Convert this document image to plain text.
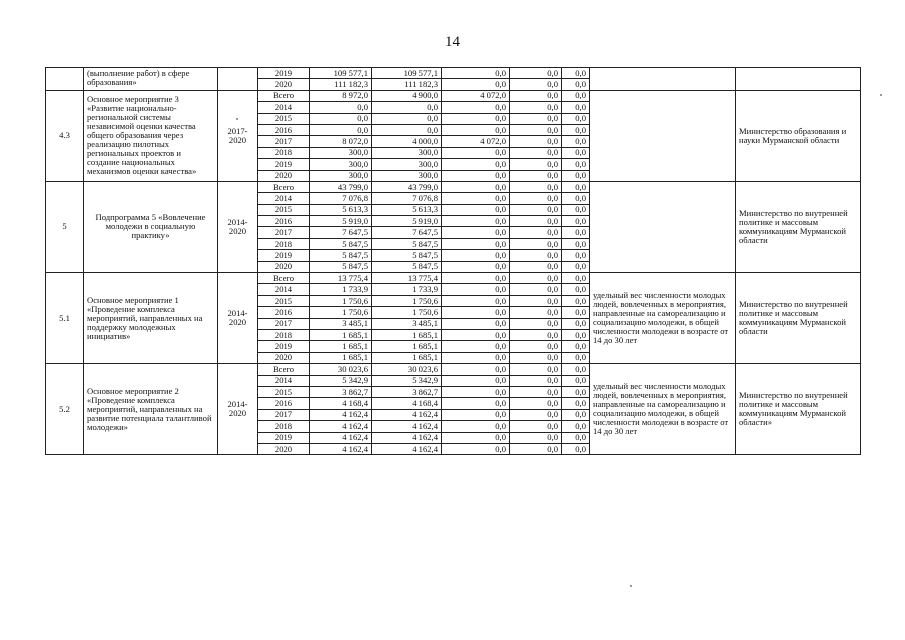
14
	(выполнение работ) в сфере образования»		2019	109 577,1	109 577,1	0,0	0,0	0,0		
			2020	111 182,3	111 182,3	0,0	0,0	0,0		
4.3	Основное мероприятие 3 «Развитие национально-региональной системы независимой оценки качества общего образования через реализацию пилотных региональных проектов и создание национальных механизмов оценки качества»	2017-2020	Всего	8 972,0	4 900,0	4 072,0	0,0	0,0		Министерство образования и науки Мурманской области
			2014	0,0	0,0	0,0	0,0	0,0		
			2015	0,0	0,0	0,0	0,0	0,0		
			2016	0,0	0,0	0,0	0,0	0,0		
			2017	8 072,0	4 000,0	4 072,0	0,0	0,0		
			2018	300,0	300,0	0,0	0,0	0,0		
			2019	300,0	300,0	0,0	0,0	0,0		
			2020	300,0	300,0	0,0	0,0	0,0		
5	Подпрограмма 5 «Вовлечение молодежи в социальную практику»	2014-2020	Всего	43 799,0	43 799,0	0,0	0,0	0,0		Министерство по внутренней политике и массовым коммуникациям Мурманской области
			2014	7 076,8	7 076,8	0,0	0,0	0,0		
			2015	5 613,3	5 613,3	0,0	0,0	0,0		
			2016	5 919,0	5 919,0	0,0	0,0	0,0		
			2017	7 647,5	7 647,5	0,0	0,0	0,0		
			2018	5 847,5	5 847,5	0,0	0,0	0,0		
			2019	5 847,5	5 847,5	0,0	0,0	0,0		
			2020	5 847,5	5 847,5	0,0	0,0	0,0		
5.1	Основное мероприятие 1 «Проведение комплекса мероприятий, направленных на поддержку молодежных инициатив»	2014-2020	Всего	13 775,4	13 775,4	0,0	0,0	0,0	удельный вес численности молодых людей, вовлеченных в мероприятия, направленные на самореализацию и социализацию молодежи, в общей численности молодежи в возрасте от 14 до 30 лет	Министерство по внутренней политике и массовым коммуникациям Мурманской области
			2014	1 733,9	1 733,9	0,0	0,0	0,0		
			2015	1 750,6	1 750,6	0,0	0,0	0,0		
			2016	1 750,6	1 750,6	0,0	0,0	0,0		
			2017	3 485,1	3 485,1	0,0	0,0	0,0		
			2018	1 685,1	1 685,1	0,0	0,0	0,0		
			2019	1 685,1	1 685,1	0,0	0,0	0,0		
			2020	1 685,1	1 685,1	0,0	0,0	0,0		
5.2	Основное мероприятие 2 «Проведение комплекса мероприятий, направленных на развитие потенциала талантливой молодежи»	2014-2020	Всего	30 023,6	30 023,6	0,0	0,0	0,0	удельный вес численности молодых людей, вовлеченных в мероприятия, направленные на самореализацию и социализацию молодежи, в общей численности молодежи в возрасте от 14 до 30 лет	Министерство по внутренней политике и массовым коммуникациям Мурманской области»
			2014	5 342,9	5 342,9	0,0	0,0	0,0		
			2015	3 862,7	3 862,7	0,0	0,0	0,0		
			2016	4 168,4	4 168,4	0,0	0,0	0,0		
			2017	4 162,4	4 162,4	0,0	0,0	0,0		
			2018	4 162,4	4 162,4	0,0	0,0	0,0		
			2019	4 162,4	4 162,4	0,0	0,0	0,0		
			2020	4 162,4	4 162,4	0,0	0,0	0,0		
